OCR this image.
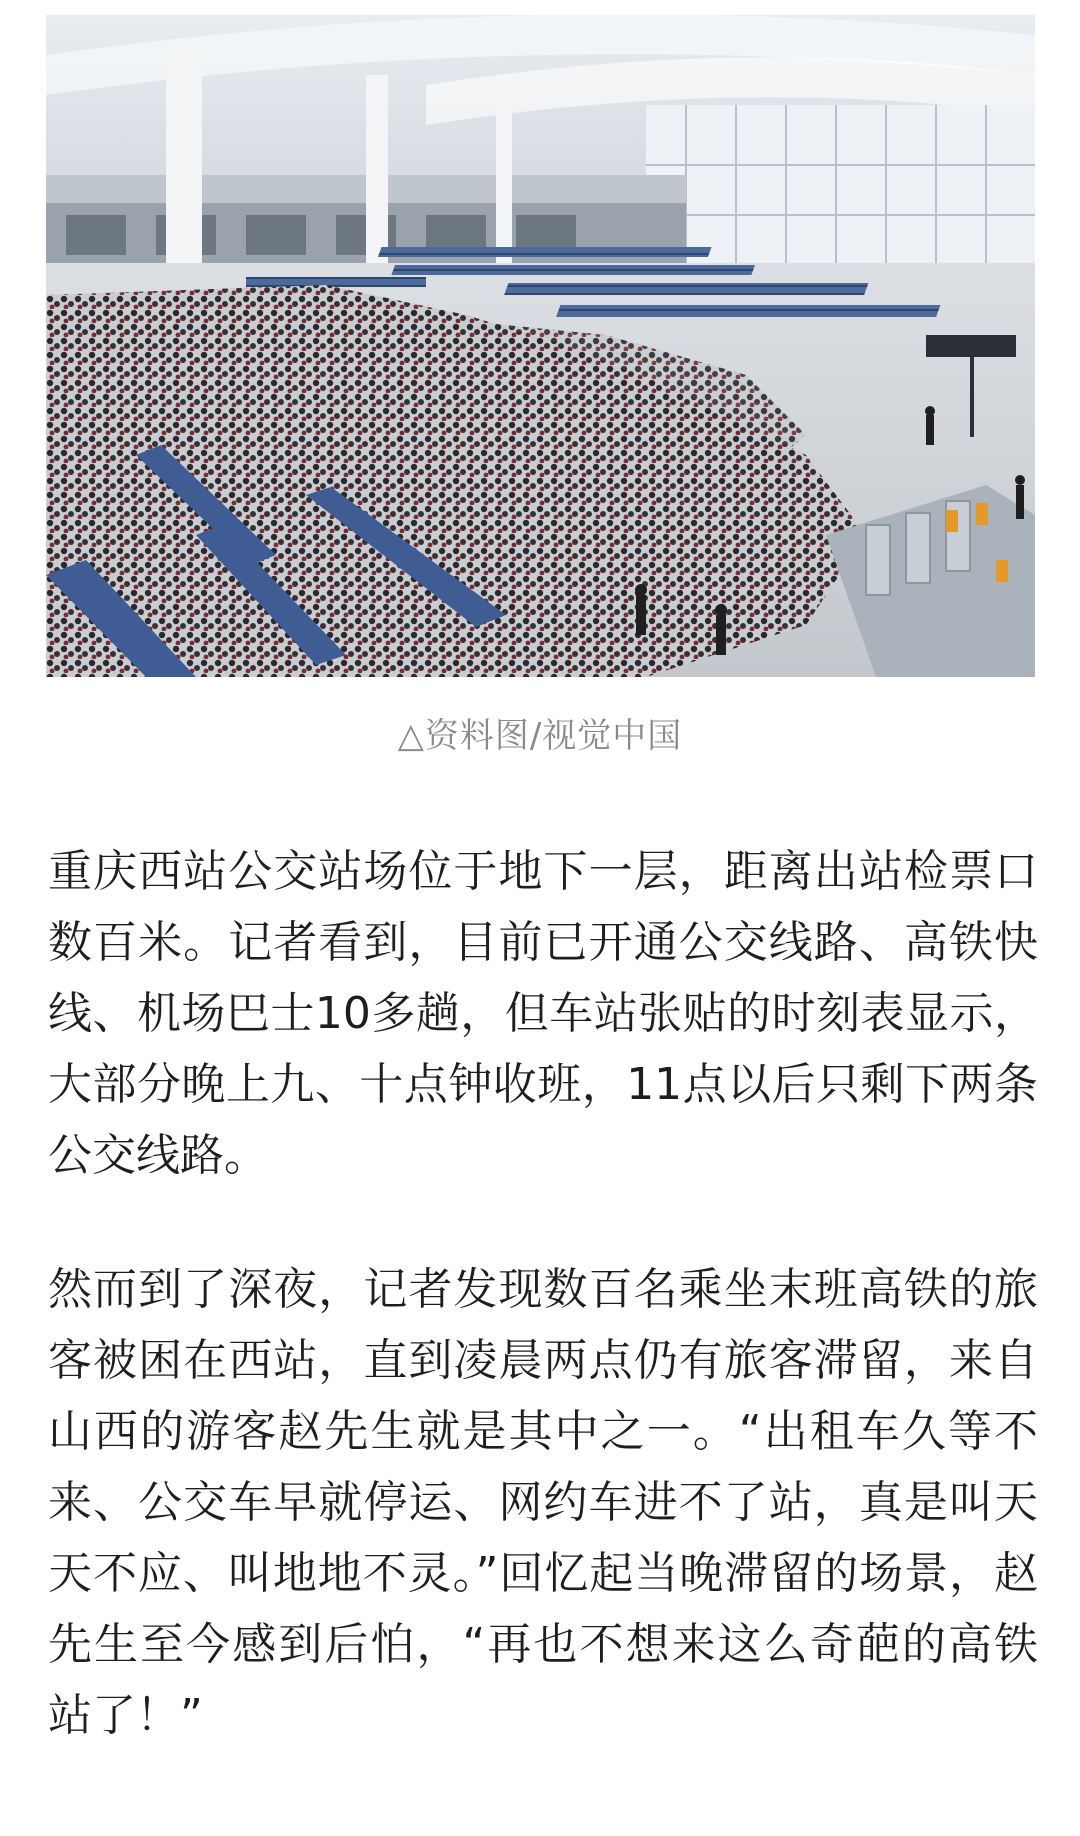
△资料图/视觉中国

重庆西站公交站场位于地下一层，距离出站检票口数百米。记者看到，目前已开通公交线路、高铁快线、机场巴士10多趟，但车站张贴的时刻表显示，大部分晚上九、十点钟收班，11点以后只剩下两条公交线路。

然而到了深夜，记者发现数百名乘坐末班高铁的旅客被困在西站，直到凌晨两点仍有旅客滞留，来自山西的游客赵先生就是其中之一。“出租车久等不来、公交车早就停运、网约车进不了站，真是叫天天不应、叫地地不灵。”回忆起当晚滞留的场景，赵先生至今感到后怕，“再也不想来这么奇葩的高铁站了！”
